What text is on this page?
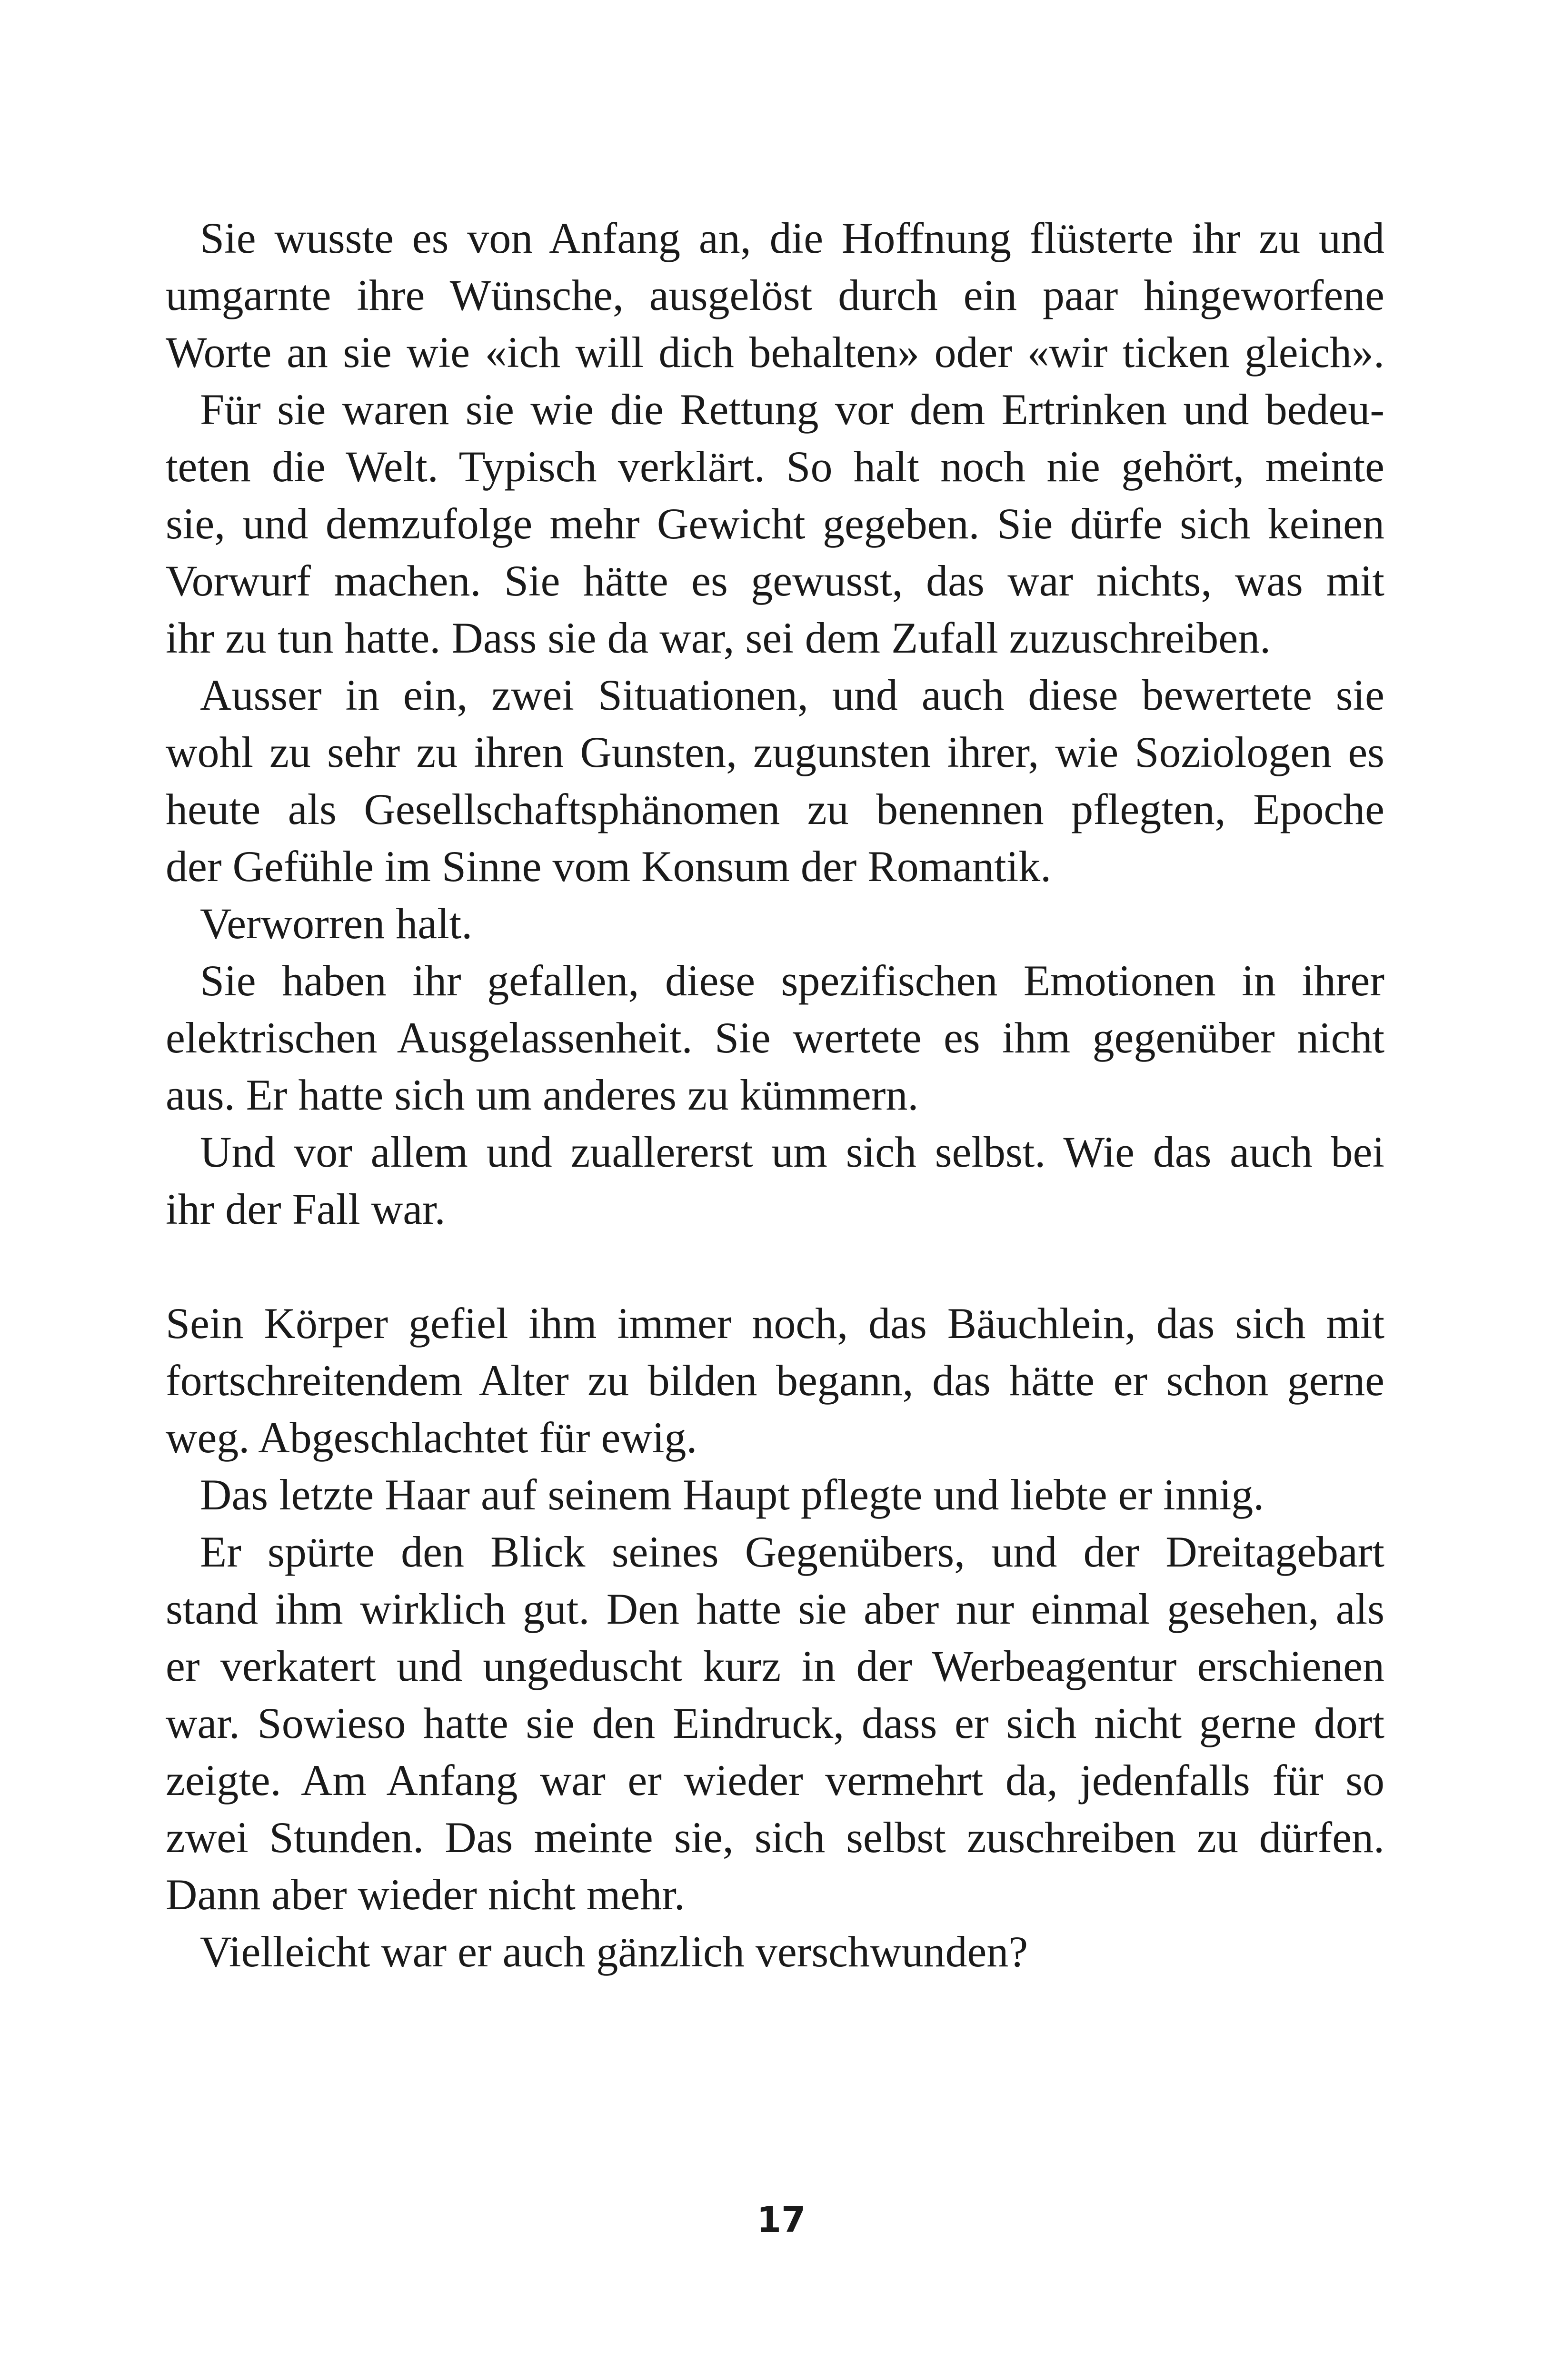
Sie wusste es von Anfang an, die Hoffnung flüsterte ihr zu und
umgarnte ihre Wünsche, ausgelöst durch ein paar hingeworfene
Worte an sie wie «ich will dich behalten» oder «wir ticken gleich».
Für sie waren sie wie die Rettung vor dem Ertrinken und bedeu-
teten die Welt. Typisch verklärt. So halt noch nie gehört, meinte
sie, und demzufolge mehr Gewicht gegeben. Sie dürfe sich keinen
Vorwurf machen. Sie hätte es gewusst, das war nichts, was mit
ihr zu tun hatte. Dass sie da war, sei dem Zufall zuzuschreiben.
Ausser in ein, zwei Situationen, und auch diese bewertete sie
wohl zu sehr zu ihren Gunsten, zugunsten ihrer, wie Soziologen es
heute als Gesellschaftsphänomen zu benennen pflegten, Epoche
der Gefühle im Sinne vom Konsum der Romantik.
Verworren halt.
Sie haben ihr gefallen, diese spezifischen Emotionen in ihrer
elektrischen Ausgelassenheit. Sie wertete es ihm gegenüber nicht
aus. Er hatte sich um anderes zu kümmern.
Und vor allem und zuallererst um sich selbst. Wie das auch bei
ihr der Fall war.
Sein Körper gefiel ihm immer noch, das Bäuchlein, das sich mit
fortschreitendem Alter zu bilden begann, das hätte er schon gerne
weg. Abgeschlachtet für ewig.
Das letzte Haar auf seinem Haupt pflegte und liebte er innig.
Er spürte den Blick seines Gegenübers, und der Dreitagebart
stand ihm wirklich gut. Den hatte sie aber nur einmal gesehen, als
er verkatert und ungeduscht kurz in der Werbeagentur erschienen
war. Sowieso hatte sie den Eindruck, dass er sich nicht gerne dort
zeigte. Am Anfang war er wieder vermehrt da, jedenfalls für so
zwei Stunden. Das meinte sie, sich selbst zuschreiben zu dürfen.
Dann aber wieder nicht mehr.
Vielleicht war er auch gänzlich verschwunden?
17
